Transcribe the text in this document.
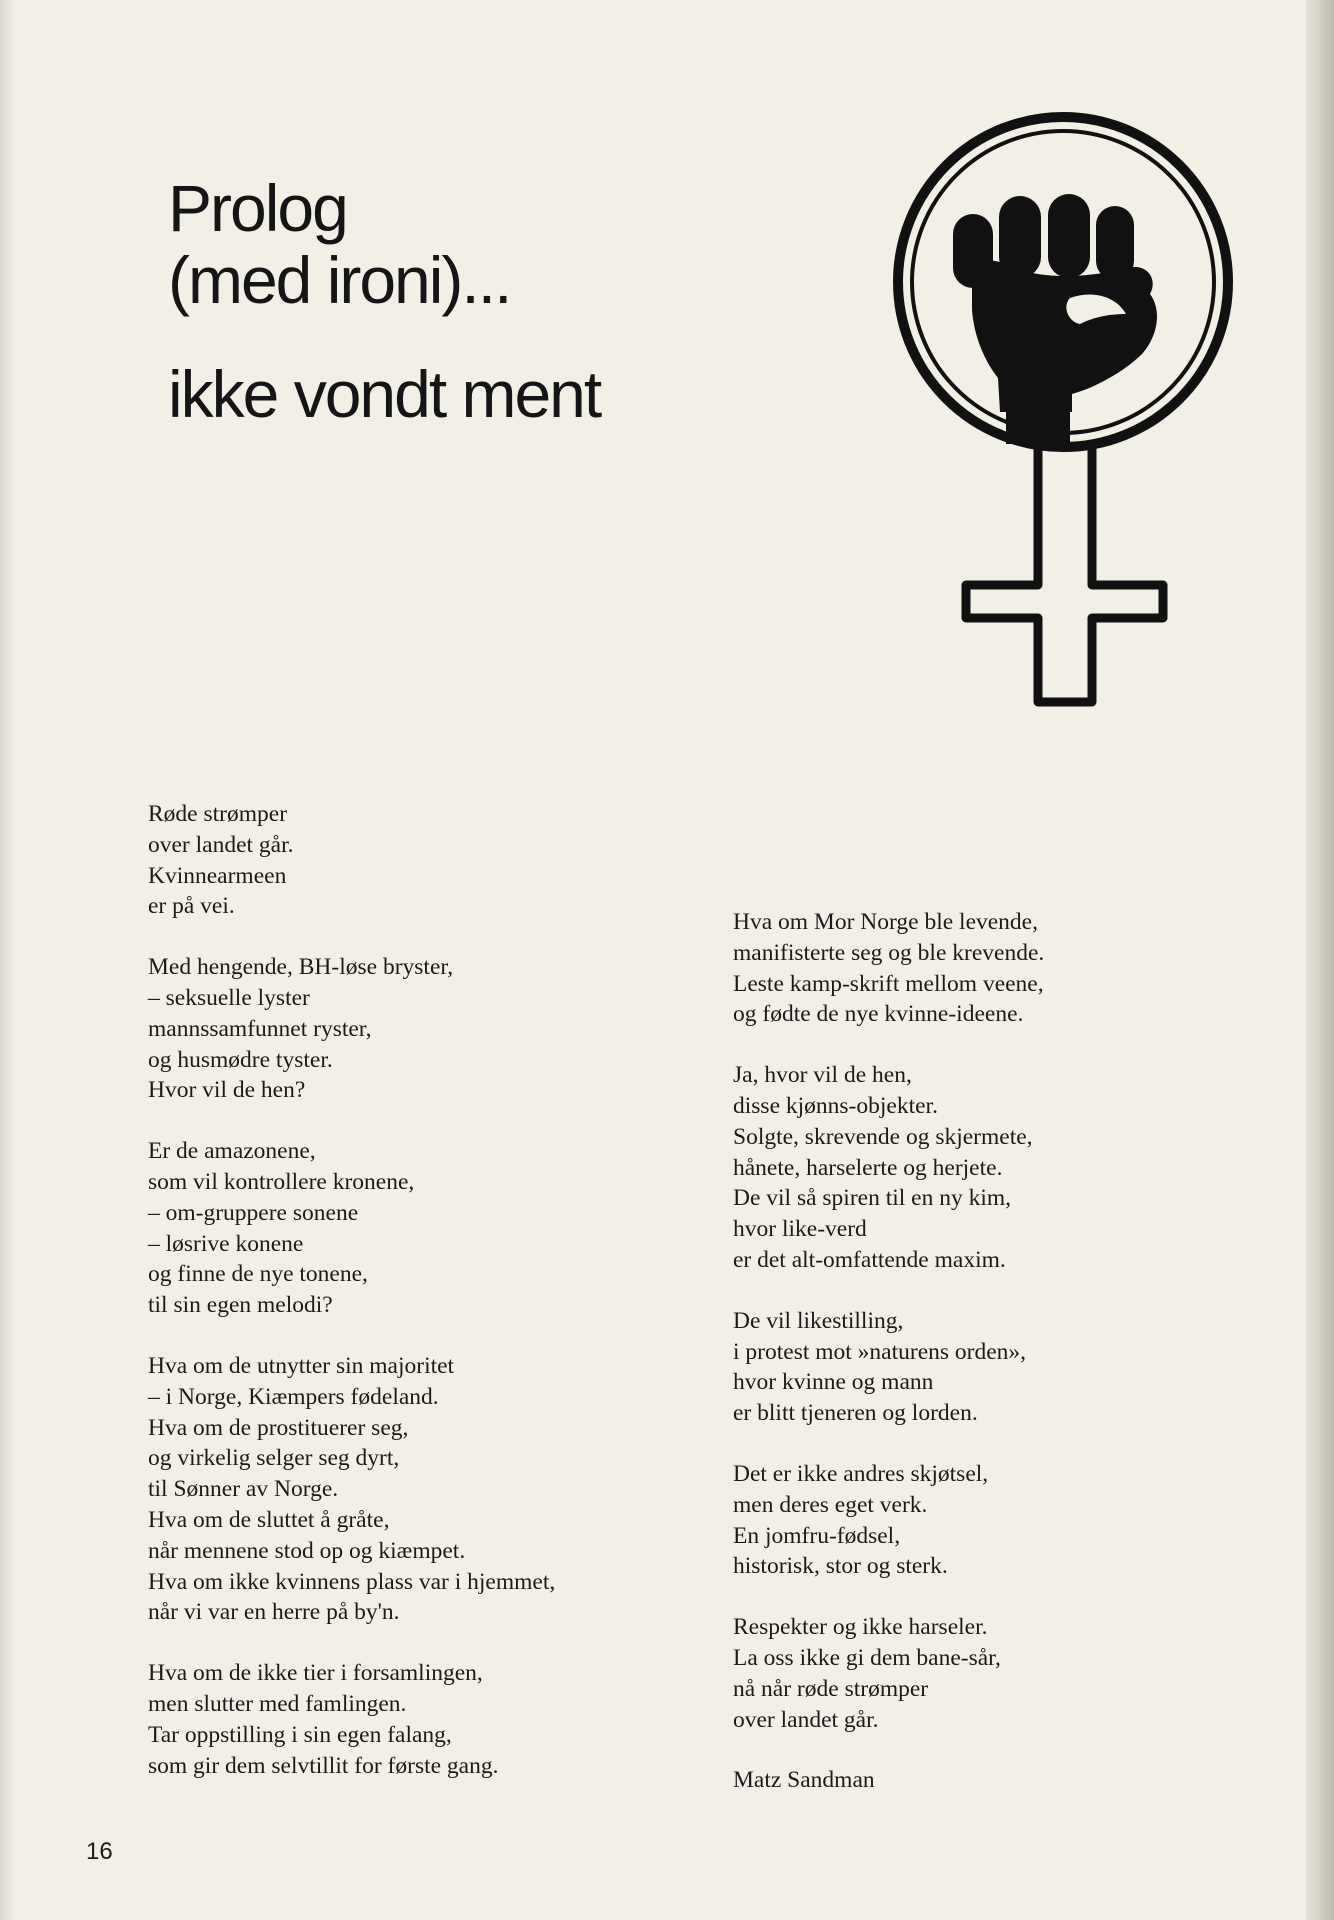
Prolog
(med ironi)...
ikke vondt ment
Røde strømper
over landet går.
Kvinnearmeen
er på vei.
Med hengende, BH-løse bryster,
– seksuelle lyster
mannssamfunnet ryster,
og husmødre tyster.
Hvor vil de hen?
Er de amazonene,
som vil kontrollere kronene,
– om-gruppere sonene
– løsrive konene
og finne de nye tonene,
til sin egen melodi?
Hva om de utnytter sin majoritet
– i Norge, Kiæmpers fødeland.
Hva om de prostituerer seg,
og virkelig selger seg dyrt,
til Sønner av Norge.
Hva om de sluttet å gråte,
når mennene stod op og kiæmpet.
Hva om ikke kvinnens plass var i hjemmet,
når vi var en herre på by'n.
Hva om de ikke tier i forsamlingen,
men slutter med famlingen.
Tar oppstilling i sin egen falang,
som gir dem selvtillit for første gang.
Hva om Mor Norge ble levende,
manifisterte seg og ble krevende.
Leste kamp-skrift mellom veene,
og fødte de nye kvinne-ideene.
Ja, hvor vil de hen,
disse kjønns-objekter.
Solgte, skrevende og skjermete,
hånete, harselerte og herjete.
De vil så spiren til en ny kim,
hvor like-verd
er det alt-omfattende maxim.
De vil likestilling,
i protest mot »naturens orden»,
hvor kvinne og mann
er blitt tjeneren og lorden.
Det er ikke andres skjøtsel,
men deres eget verk.
En jomfru-fødsel,
historisk, stor og sterk.
Respekter og ikke harseler.
La oss ikke gi dem bane-sår,
nå når røde strømper
over landet går.
Matz Sandman
16
